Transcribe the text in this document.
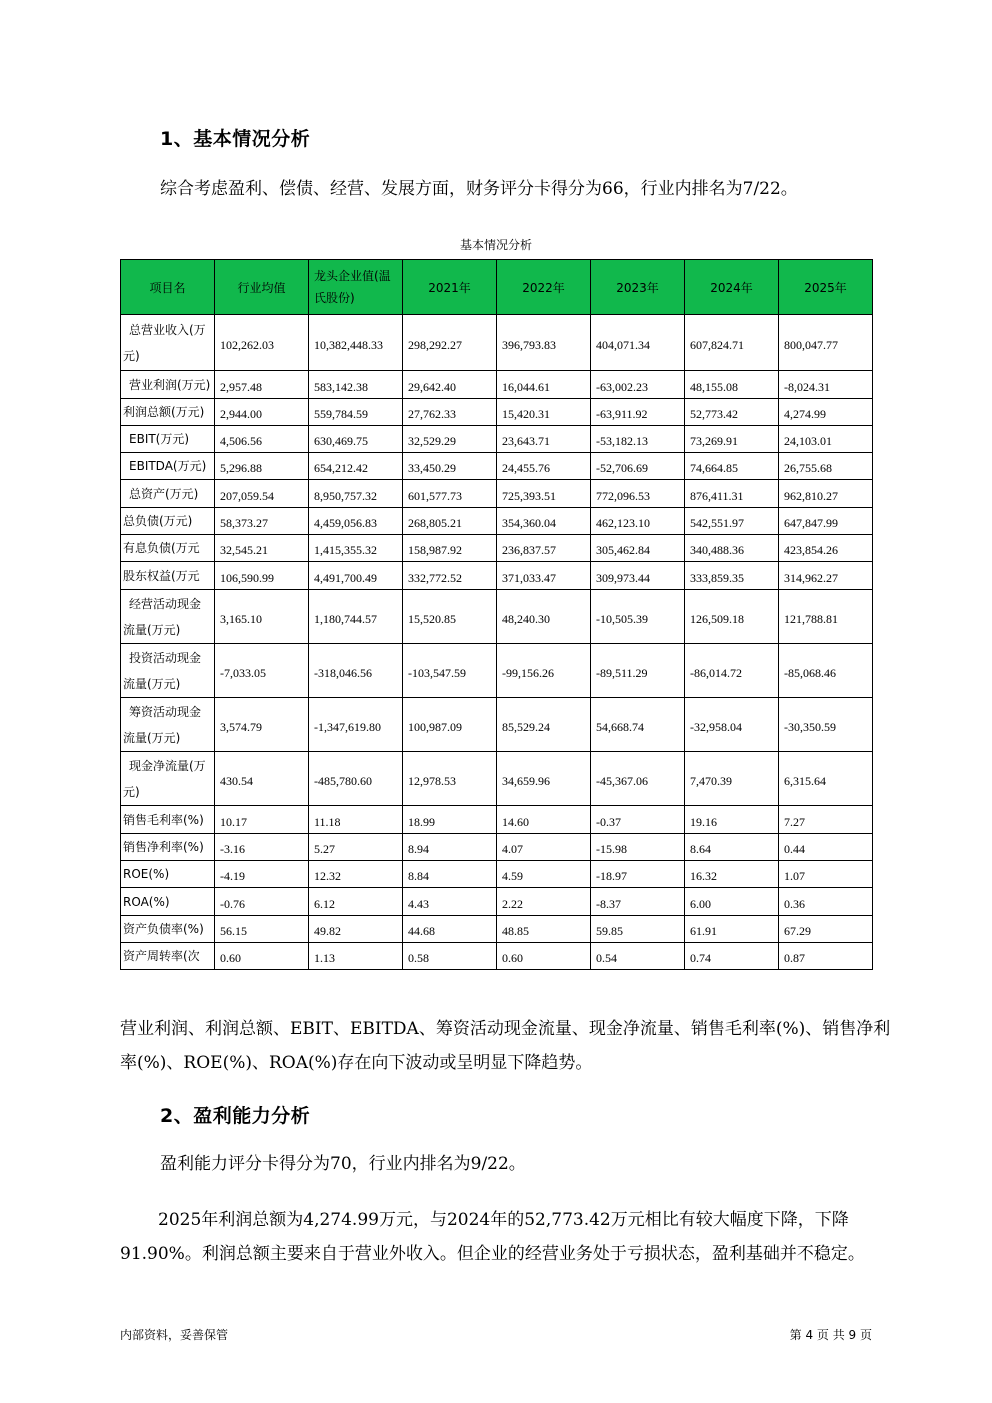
1、基本情况分析
综合考虑盈利、偿债、经营、发展方面，财务评分卡得分为66，行业内排名为7/22。
基本情况分析
项目名	行业均值	龙头企业值(温氏股份)	2021年	2022年	2023年	2024年	2025年
总营业收入(万元)	102,262.03	10,382,448.33	298,292.27	396,793.83	404,071.34	607,824.71	800,047.77
营业利润(万元)	2,957.48	583,142.38	29,642.40	16,044.61	-63,002.23	48,155.08	-8,024.31
利润总额(万元)	2,944.00	559,784.59	27,762.33	15,420.31	-63,911.92	52,773.42	4,274.99
EBIT(万元)	4,506.56	630,469.75	32,529.29	23,643.71	-53,182.13	73,269.91	24,103.01
EBITDA(万元)	5,296.88	654,212.42	33,450.29	24,455.76	-52,706.69	74,664.85	26,755.68
总资产(万元)	207,059.54	8,950,757.32	601,577.73	725,393.51	772,096.53	876,411.31	962,810.27
总负债(万元)	58,373.27	4,459,056.83	268,805.21	354,360.04	462,123.10	542,551.97	647,847.99
有息负债(万元	32,545.21	1,415,355.32	158,987.92	236,837.57	305,462.84	340,488.36	423,854.26
股东权益(万元	106,590.99	4,491,700.49	332,772.52	371,033.47	309,973.44	333,859.35	314,962.27
经营活动现金流量(万元)	3,165.10	1,180,744.57	15,520.85	48,240.30	-10,505.39	126,509.18	121,788.81
投资活动现金流量(万元)	-7,033.05	-318,046.56	-103,547.59	-99,156.26	-89,511.29	-86,014.72	-85,068.46
筹资活动现金流量(万元)	3,574.79	-1,347,619.80	100,987.09	85,529.24	54,668.74	-32,958.04	-30,350.59
现金净流量(万元)	430.54	-485,780.60	12,978.53	34,659.96	-45,367.06	7,470.39	6,315.64
销售毛利率(%)	10.17	11.18	18.99	14.60	-0.37	19.16	7.27
销售净利率(%)	-3.16	5.27	8.94	4.07	-15.98	8.64	0.44
ROE(%)	-4.19	12.32	8.84	4.59	-18.97	16.32	1.07
ROA(%)	-0.76	6.12	4.43	2.22	-8.37	6.00	0.36
资产负债率(%)	56.15	49.82	44.68	48.85	59.85	61.91	67.29
资产周转率(次	0.60	1.13	0.58	0.60	0.54	0.74	0.87
营业利润、利润总额、EBIT、EBITDA、筹资活动现金流量、现金净流量、销售毛利率(%)、销售净利率(%)、ROE(%)、ROA(%)存在向下波动或呈明显下降趋势。
2、盈利能力分析
盈利能力评分卡得分为70，行业内排名为9/22。
2025年利润总额为4,274.99万元，与2024年的52,773.42万元相比有较大幅度下降，下降91.90%。利润总额主要来自于营业外收入。但企业的经营业务处于亏损状态，盈利基础并不稳定。
内部资料，妥善保管	第 4 页 共 9 页
